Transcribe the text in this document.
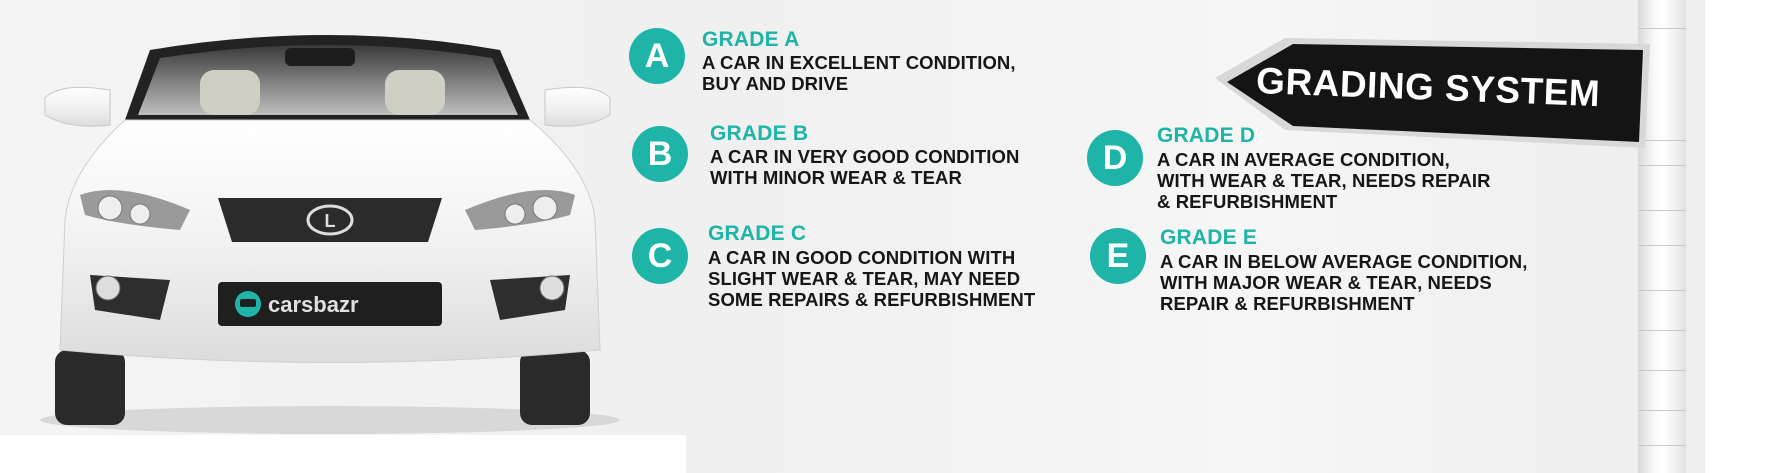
L
carsbazr
A	GRADE A
A CAR IN EXCELLENT CONDITION,
BUY AND DRIVE
B
GRADE B
A CAR IN VERY GOOD CONDITION
WITH MINOR WEAR & TEAR
C
GRADE C
A CAR IN GOOD CONDITION WITH
SLIGHT WEAR & TEAR, MAY NEED
SOME REPAIRS & REFURBISHMENT
D
GRADE D
A CAR IN AVERAGE CONDITION,
WITH WEAR & TEAR, NEEDS REPAIR
& REFURBISHMENT
E	GRADE E
A CAR IN BELOW AVERAGE CONDITION,
WITH MAJOR WEAR & TEAR, NEEDS
REPAIR & REFURBISHMENT
GRADING SYSTEM
